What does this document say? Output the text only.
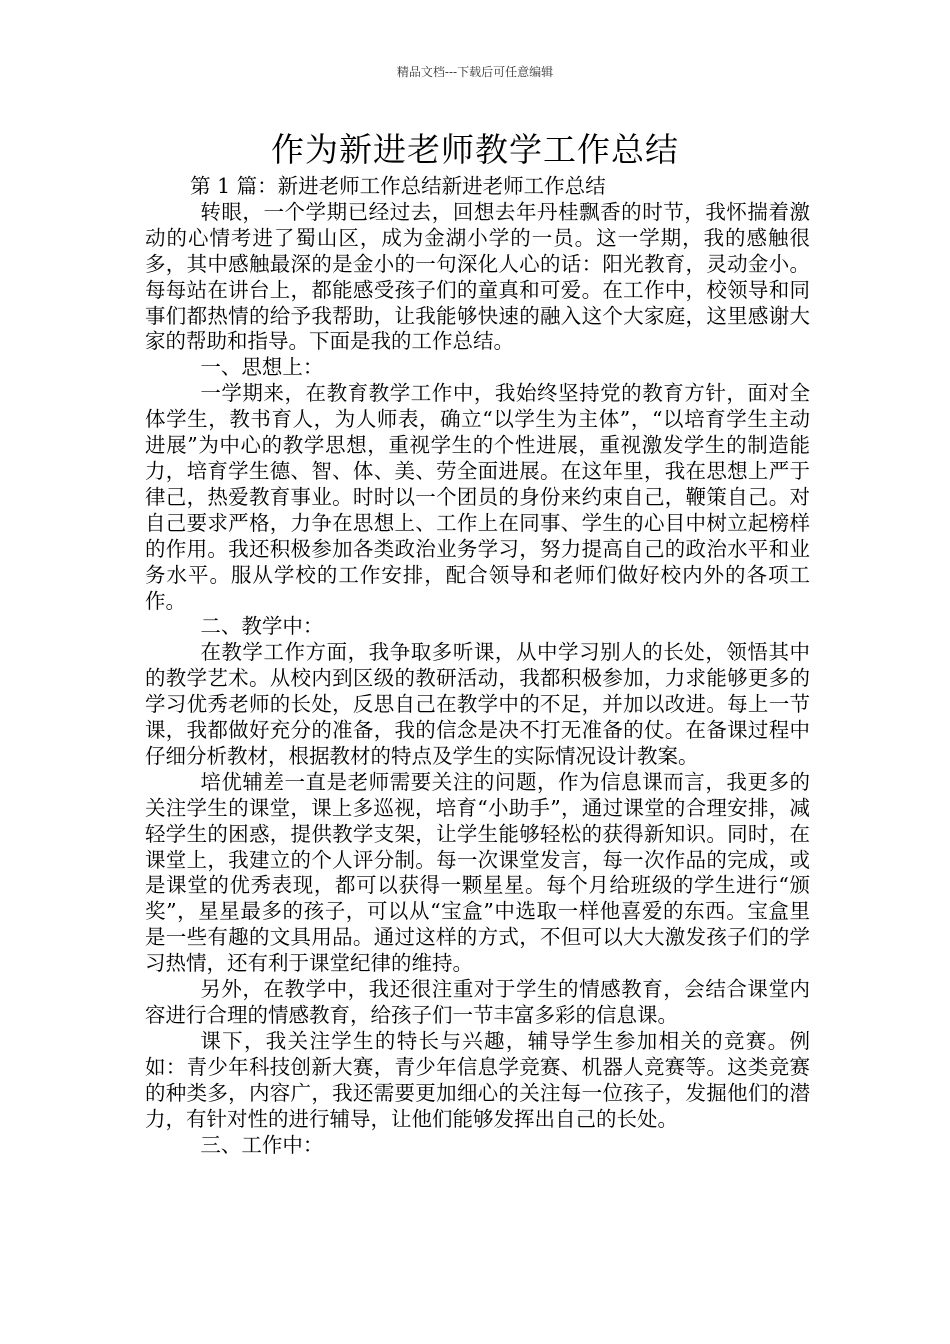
精品文档---下载后可任意编辑
作为新进老师教学工作总结

第 1 篇：新进老师工作总结新进老师工作总结

转眼，一个学期已经过去，回想去年丹桂飘香的时节，我怀揣着激动的心情考进了蜀山区，成为金湖小学的一员。这一学期，我的感触很多，其中感触最深的是金小的一句深化人心的话：阳光教育，灵动金小。每每站在讲台上，都能感受孩子们的童真和可爱。在工作中，校领导和同事们都热情的给予我帮助，让我能够快速的融入这个大家庭，这里感谢大家的帮助和指导。下面是我的工作总结。

一、思想上：

一学期来，在教育教学工作中，我始终坚持党的教育方针，面对全体学生，教书育人，为人师表，确立“以学生为主体”，“以培育学生主动进展”为中心的教学思想，重视学生的个性进展，重视激发学生的制造能力，培育学生德、智、体、美、劳全面进展。在这年里，我在思想上严于律己，热爱教育事业。时时以一个团员的身份来约束自己，鞭策自己。对自己要求严格，力争在思想上、工作上在同事、学生的心目中树立起榜样的作用。我还积极参加各类政治业务学习，努力提高自己的政治水平和业务水平。服从学校的工作安排，配合领导和老师们做好校内外的各项工作。

二、教学中：

在教学工作方面，我争取多听课，从中学习别人的长处，领悟其中的教学艺术。从校内到区级的教研活动，我都积极参加，力求能够更多的学习优秀老师的长处，反思自己在教学中的不足，并加以改进。每上一节课，我都做好充分的准备，我的信念是决不打无准备的仗。在备课过程中仔细分析教材，根据教材的特点及学生的实际情况设计教案。

培优辅差一直是老师需要关注的问题，作为信息课而言，我更多的关注学生的课堂，课上多巡视，培育“小助手”，通过课堂的合理安排，减轻学生的困惑，提供教学支架，让学生能够轻松的获得新知识。同时，在课堂上，我建立的个人评分制。每一次课堂发言，每一次作品的完成，或是课堂的优秀表现，都可以获得一颗星星。每个月给班级的学生进行“颁奖”，星星最多的孩子，可以从“宝盒”中选取一样他喜爱的东西。宝盒里是一些有趣的文具用品。通过这样的方式，不但可以大大激发孩子们的学习热情，还有利于课堂纪律的维持。

另外，在教学中，我还很注重对于学生的情感教育，会结合课堂内容进行合理的情感教育，给孩子们一节丰富多彩的信息课。

课下，我关注学生的特长与兴趣，辅导学生参加相关的竞赛。例如：青少年科技创新大赛，青少年信息学竞赛、机器人竞赛等。这类竞赛的种类多，内容广，我还需要更加细心的关注每一位孩子，发掘他们的潜力，有针对性的进行辅导，让他们能够发挥出自己的长处。

三、工作中：
